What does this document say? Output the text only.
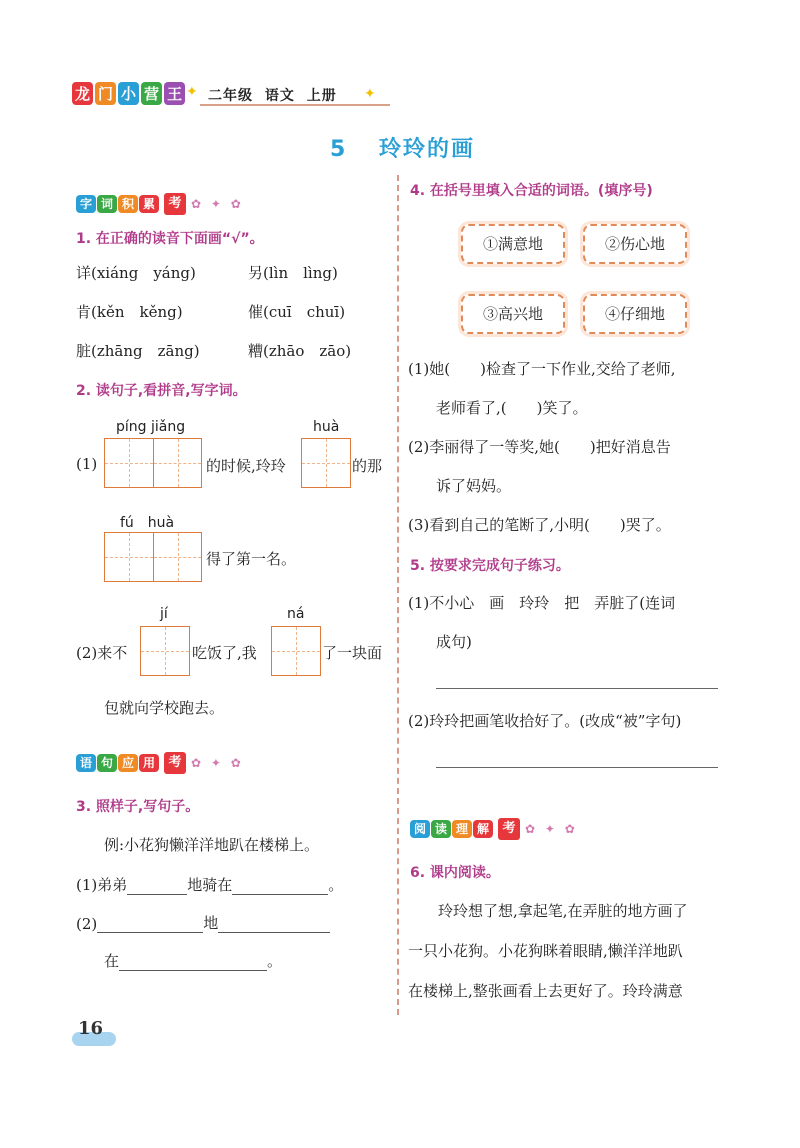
龙 门 小 营 王 ✦ 二年级 语文 上册 ✦
5 玲玲的画
字 词 积 累	考 ✿ ✦ ✿
1. 在正确的读音下面画“√”。
详(xiáng　yáng)	另(lìn　lìng)
肯(kěn　kěng)	催(cuī　chuī)
脏(zhāng　zāng)	糟(zhāo　zāo)
2. 读句子,看拼音,写字词。
píng jiǎng	huà
(1)	的时候,玲玲	的那
fú　huà
得了第一名。
jí	ná
(2)来不	吃饭了,我	了一块面
包就向学校跑去。
语 句 应 用	考 ✿ ✦ ✿
3. 照样子,写句子。
例:小花狗懒洋洋地趴在楼梯上。
(1)弟弟	地骑在	。
(2)	地
在	。
16
4. 在括号里填入合适的词语。(填序号)
①满意地	②伤心地
③高兴地	④仔细地
(1)她(　　)检查了一下作业,交给了老师,
老师看了,(　　)笑了。
(2)李丽得了一等奖,她(　　)把好消息告
诉了妈妈。
(3)看到自己的笔断了,小明(　　)哭了。
5. 按要求完成句子练习。
(1)不小心　画　玲玲　把　弄脏了(连词
成句)
(2)玲玲把画笔收拾好了。(改成“被”字句)
阅 读 理 解	考 ✿ ✦ ✿
6. 课内阅读。
玲玲想了想,拿起笔,在弄脏的地方画了
一只小花狗。小花狗眯着眼睛,懒洋洋地趴
在楼梯上,整张画看上去更好了。玲玲满意
